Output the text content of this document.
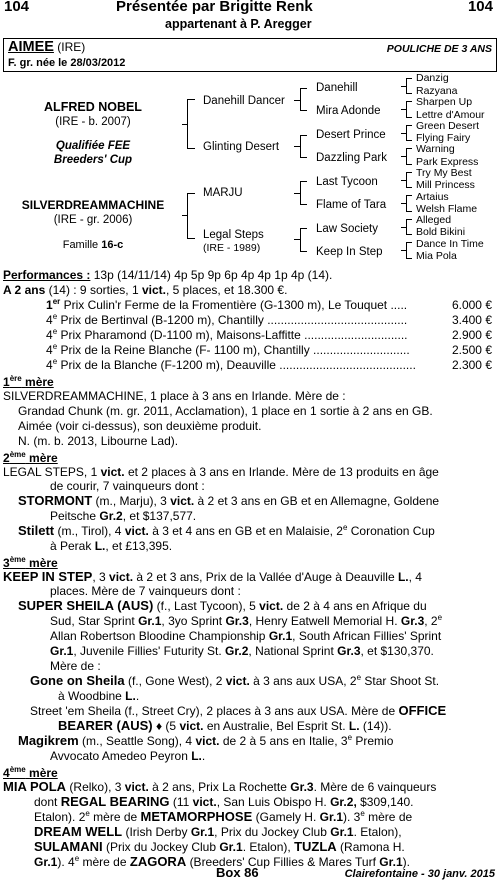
104	Présentée par Brigitte Renk	104
appartenant à P. Aregger
AIMEE (IRE)	POULICHE DE 3 ANS
F. gr. née le 28/03/2012
ALFRED NOBEL
(IRE - b. 2007)
Qualifiée FEE
Breeders' Cup
SILVERDREAMMACHINE
(IRE - gr. 2006)
Famille 16-c
Danehill Dancer
Glinting Desert
MARJU
Legal Steps
(IRE - 1989)
Danehill
Mira Adonde
Desert Prince
Dazzling Park
Last Tycoon
Flame of Tara
Law Society
Keep In Step
Danzig
Razyana
Sharpen Up
Lettre d'Amour
Green Desert
Flying Fairy
Warning
Park Express
Try My Best
Mill Princess
Artaius
Welsh Flame
Alleged
Bold Bikini
Dance In Time
Mia Pola
Performances : 13p (14/11/14) 4p 5p 9p 6p 4p 4p 1p 4p (14).
A 2 ans (14) : 9 sorties, 1 vict., 5 places, et 18.300 €.
1er Prix Culin'r Ferme de la Fromentière (G-1300 m), Le Touquet .....	6.000 €
4e Prix de Bertinval (B-1200 m), Chantilly ..........................................	3.400 €
4e Prix Pharamond (D-1100 m), Maisons-Laffitte ...............................	2.900 €
4e Prix de la Reine Blanche (F- 1100 m), Chantilly .............................	2.500 €
4e Prix de la Blanche (F-1200 m), Deauville .........................................	2.300 €
1ère mère
SILVERDREAMMACHINE, 1 place à 3 ans en Irlande. Mère de :
Grandad Chunk (m. gr. 2011, Acclamation), 1 place en 1 sortie à 2 ans en GB.
Aimée (voir ci-dessus), son deuxième produit.
N. (m. b. 2013, Libourne Lad).
2ème mère
LEGAL STEPS, 1 vict. et 2 places à 3 ans en Irlande. Mère de 13 produits en âge
de courir, 7 vainqueurs dont :
STORMONT (m., Marju), 3 vict. à 2 et 3 ans en GB et en Allemagne, Goldene
Peitsche Gr.2, et $137,577.
Stilett (m., Tirol), 4 vict. à 3 et 4 ans en GB et en Malaisie, 2e Coronation Cup
à Perak L., et £13,395.
3ème mère
KEEP IN STEP, 3 vict. à 2 et 3 ans, Prix de la Vallée d'Auge à Deauville L., 4
places. Mère de 7 vainqueurs dont :
SUPER SHEILA (AUS) (f., Last Tycoon), 5 vict. de 2 à 4 ans en Afrique du
Sud, Star Sprint Gr.1, 3yo Sprint Gr.3, Henry Eatwell Memorial H. Gr.3, 2e
Allan Robertson Bloodine Championship Gr.1, South African Fillies' Sprint
Gr.1, Juvenile Fillies' Futurity St. Gr.2, National Sprint Gr.3, et $130,370.
Mère de :
Gone on Sheila (f., Gone West), 2 vict. à 3 ans aux USA, 2e Star Shoot St.
à Woodbine L..
Street 'em Sheila (f., Street Cry), 2 places à 3 ans aux USA. Mère de OFFICE
BEARER (AUS) ♦ (5 vict. en Australie, Bel Esprit St. L. (14)).
Magikrem (m., Seattle Song), 4 vict. de 2 à 5 ans en Italie, 3e Premio
Avvocato Amedeo Peyron L..
4ème mère
MIA POLA (Relko), 3 vict. à 2 ans, Prix La Rochette Gr.3. Mère de 6 vainqueurs
dont REGAL BEARING (11 vict., San Luis Obispo H. Gr.2, $309,140.
Etalon). 2e mère de METAMORPHOSE (Gamely H. Gr.1). 3e mère de
DREAM WELL (Irish Derby Gr.1, Prix du Jockey Club Gr.1. Etalon),
SULAMANI (Prix du Jockey Club Gr.1. Etalon), TUZLA (Ramona H.
Gr.1). 4e mère de ZAGORA (Breeders' Cup Fillies & Mares Turf Gr.1).
Box 86	Clairefontaine - 30 janv. 2015
